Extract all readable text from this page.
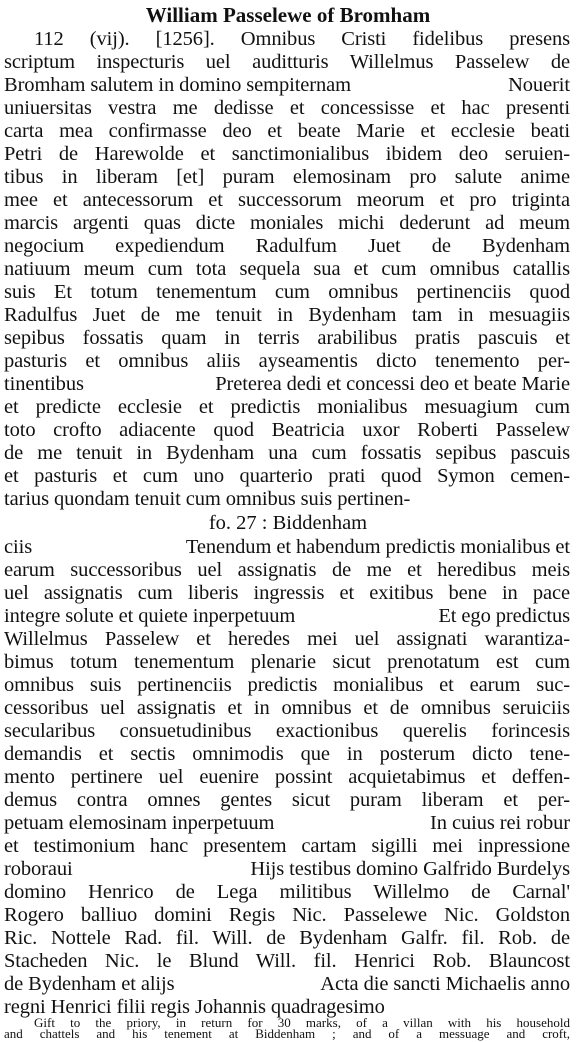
William Passelewe of Bromham
112 (vij). [1256]. Omnibus Cristi fidelibus presens
scriptum inspecturis uel auditturis Willelmus Passelew de
Bromham salutem in domino sempiternam	Nouerit
uniuersitas vestra me dedisse et concessisse et hac presenti
carta mea confirmasse deo et beate Marie et ecclesie beati
Petri de Harewolde et sanctimonialibus ibidem deo seruien-
tibus in liberam [et] puram elemosinam pro salute anime
mee et antecessorum et successorum meorum et pro triginta
marcis argenti quas dicte moniales michi dederunt ad meum
negocium expediendum Radulfum Juet de Bydenham
natiuum meum cum tota sequela sua et cum omnibus catallis
suis Et totum tenementum cum omnibus pertinenciis quod
Radulfus Juet de me tenuit in Bydenham tam in mesuagiis
sepibus fossatis quam in terris arabilibus pratis pascuis et
pasturis et omnibus aliis ayseamentis dicto tenemento per-
tinentibus	Preterea dedi et concessi deo et beate Marie
et predicte ecclesie et predictis monialibus mesuagium cum
toto crofto adiacente quod Beatricia uxor Roberti Passelew
de me tenuit in Bydenham una cum fossatis sepibus pascuis
et pasturis et cum uno quarterio prati quod Symon cemen-
tarius quondam tenuit cum omnibus suis pertinen-
fo. 27 : Biddenham
ciis	Tenendum et habendum predictis monialibus et
earum successoribus uel assignatis de me et heredibus meis
uel assignatis cum liberis ingressis et exitibus bene in pace
integre solute et quiete inperpetuum	Et ego predictus
Willelmus Passelew et heredes mei uel assignati warantiza-
bimus totum tenementum plenarie sicut prenotatum est cum
omnibus suis pertinenciis predictis monialibus et earum suc-
cessoribus uel assignatis et in omnibus et de omnibus seruiciis
secularibus consuetudinibus exactionibus querelis forincesis
demandis et sectis omnimodis que in posterum dicto tene-
mento pertinere uel euenire possint acquietabimus et deffen-
demus contra omnes gentes sicut puram liberam et per-
petuam elemosinam inperpetuum	In cuius rei robur
et testimonium hanc presentem cartam sigilli mei inpressione
roboraui	Hijs testibus domino Galfrido Burdelys
domino Henrico de Lega militibus Willelmo de Carnal'
Rogero balliuo domini Regis Nic. Passelewe Nic. Goldston
Ric. Nottele Rad. fil. Will. de Bydenham Galfr. fil. Rob. de
Stacheden Nic. le Blund Will. fil. Henrici Rob. Blauncost
de Bydenham et alijs	Acta die sancti Michaelis anno
regni Henrici filii regis Johannis quadragesimo
Gift to the priory, in return for 30 marks, of a villan with his household
and chattels and his tenement at Biddenham ; and of a messuage and croft,
